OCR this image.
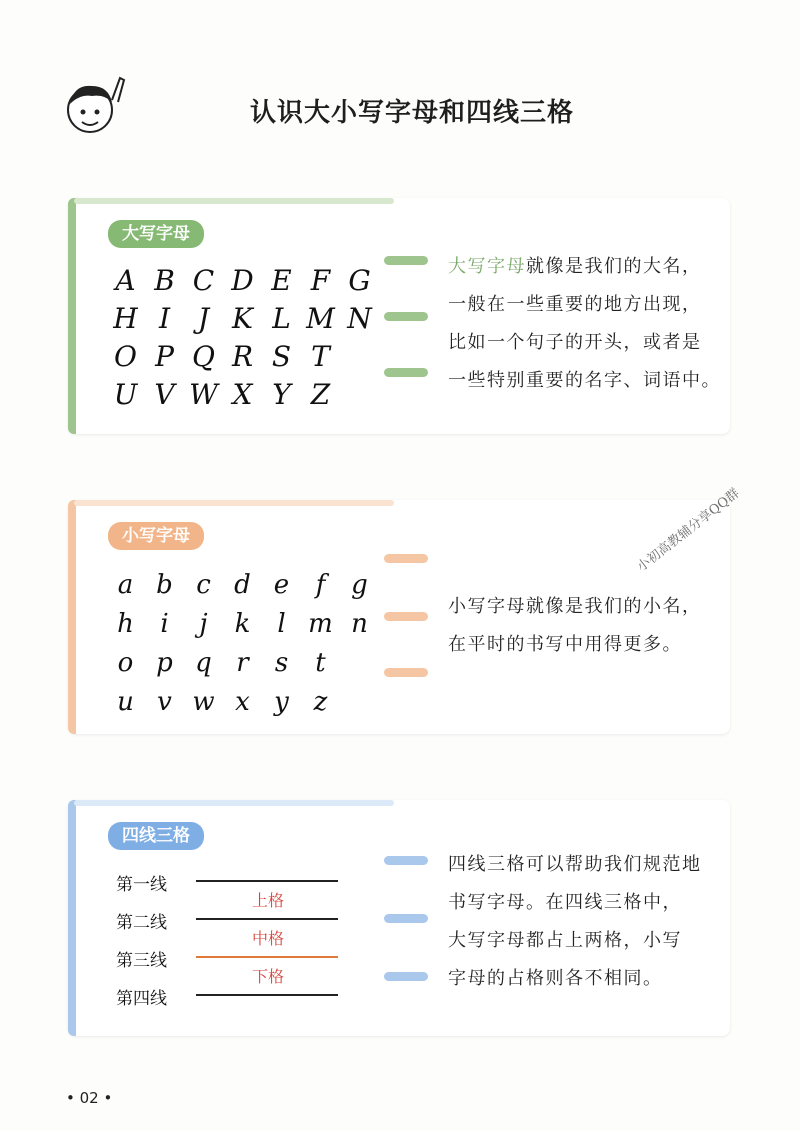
认识大小写字母和四线三格
大写字母
A B C D E F G
H I J K L M N
O P Q R S T
U V W X Y Z
大写字母就像是我们的大名，
一般在一些重要的地方出现，
比如一个句子的开头，或者是
一些特别重要的名字、词语中。
小写字母
a b c d e	f g
h	i	j	k	l m n
o p q r	s	t
u v w x y z
小写字母就像是我们的小名，
在平时的书写中用得更多。
四线三格
第一线
上格
第二线
中格
第三线
下格
第四线
四线三格可以帮助我们规范地
书写字母。在四线三格中，
大写字母都占上两格，小写
字母的占格则各不相同。
小初高教辅分享QQ群
• 02 •
